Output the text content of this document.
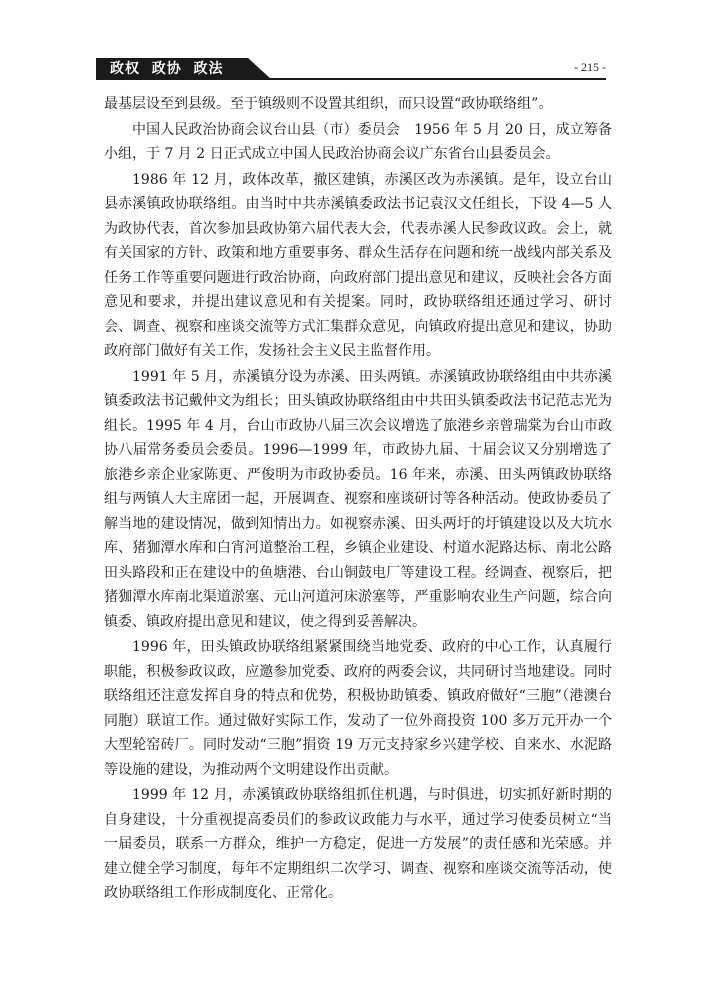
政权  政协  政法	- 215 -

最基层设至到县级。至于镇级则不设置其组织，而只设置“政协联络组”。

中国人民政治协商会议台山县（市）委员会　1956 年 5 月 20 日，成立筹备小组，于 7 月 2 日正式成立中国人民政治协商会议广东省台山县委员会。

1986 年 12 月，政体改革，撤区建镇，赤溪区改为赤溪镇。是年，设立台山县赤溪镇政协联络组。由当时中共赤溪镇委政法书记袁汉文任组长，下设 4—5 人为政协代表，首次参加县政协第六届代表大会，代表赤溪人民参政议政。会上，就有关国家的方针、政策和地方重要事务、群众生活存在问题和统一战线内部关系及任务工作等重要问题进行政治协商，向政府部门提出意见和建议，反映社会各方面意见和要求，并提出建议意见和有关提案。同时，政协联络组还通过学习、研讨会、调查、视察和座谈交流等方式汇集群众意见，向镇政府提出意见和建议，协助政府部门做好有关工作，发扬社会主义民主监督作用。

1991 年 5 月，赤溪镇分设为赤溪、田头两镇。赤溪镇政协联络组由中共赤溪镇委政法书记戴仲文为组长；田头镇政协联络组由中共田头镇委政法书记范志光为组长。1995 年 4 月，台山市政协八届三次会议增选了旅港乡亲曾瑞棠为台山市政协八届常务委员会委员。1996—1999 年，市政协九届、十届会议又分别增选了旅港乡亲企业家陈更、严俊明为市政协委员。16 年来，赤溪、田头两镇政协联络组与两镇人大主席团一起，开展调查、视察和座谈研讨等各种活动。使政协委员了解当地的建设情况，做到知情出力。如视察赤溪、田头两圩的圩镇建设以及大坑水库、猪㹢潭水库和白宵河道整治工程，乡镇企业建设、村道水泥路达标、南北公路田头路段和正在建设中的鱼塘港、台山铜鼓电厂等建设工程。经调查、视察后，把猪㹢潭水库南北渠道淤塞、元山河道河床淤塞等，严重影响农业生产问题，综合向镇委、镇政府提出意见和建议，使之得到妥善解决。

1996 年，田头镇政协联络组紧紧围绕当地党委、政府的中心工作，认真履行职能，积极参政议政，应邀参加党委、政府的两委会议，共同研讨当地建设。同时联络组还注意发挥自身的特点和优势，积极协助镇委、镇政府做好“三胞”（港澳台同胞）联谊工作。通过做好实际工作，发动了一位外商投资 100 多万元开办一个大型轮窑砖厂。同时发动“三胞”捐资 19 万元支持家乡兴建学校、自来水、水泥路等设施的建设，为推动两个文明建设作出贡献。

1999 年 12 月，赤溪镇政协联络组抓住机遇，与时俱进，切实抓好新时期的自身建设，十分重视提高委员们的参政议政能力与水平，通过学习使委员树立“当一届委员，联系一方群众，维护一方稳定，促进一方发展”的责任感和光荣感。并建立健全学习制度，每年不定期组织二次学习、调查、视察和座谈交流等活动，使政协联络组工作形成制度化、正常化。
